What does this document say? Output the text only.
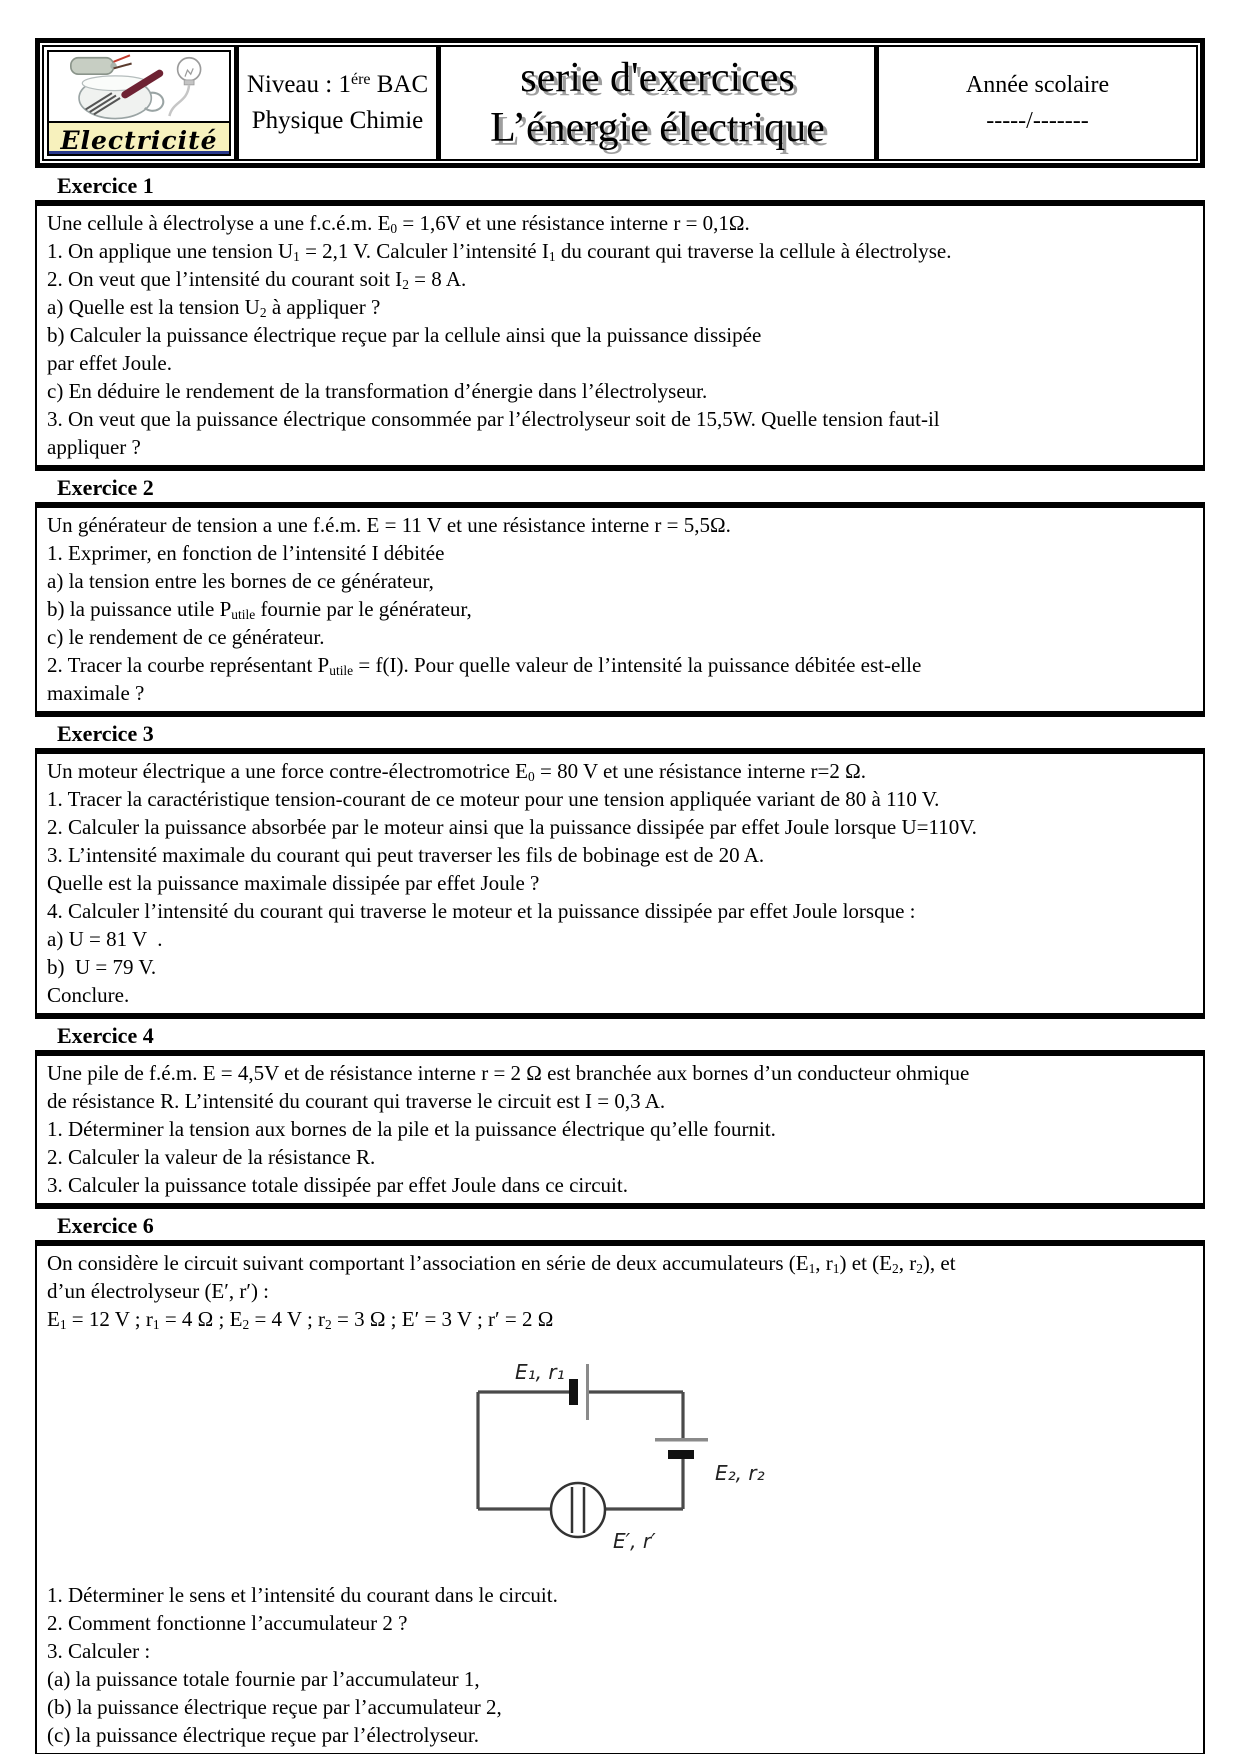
Electricité
Niveau : $1^{ére}$ BAC
Physique Chimie
serie d'exercices
L’énergie électrique
Année scolaire
-----/-------
Exercice 1
Une cellule à électrolyse a une f.c.é.m. $E_0 = 1,6V$ et une résistance interne r = 0,1Ω.
1. On applique une tension $U_1 = 2,1$ V. Calculer l’intensité $I_1$ du courant qui traverse la cellule à électrolyse.
2. On veut que l’intensité du courant soit $I_2 = 8$ A.
a) Quelle est la tension $U_2$ à appliquer ?
b) Calculer la puissance électrique reçue par la cellule ainsi que la puissance dissipée
par effet Joule.
c) En déduire le rendement de la transformation d’énergie dans l’électrolyseur.
3. On veut que la puissance électrique consommée par l’électrolyseur soit de 15,5W. Quelle tension faut-il
appliquer ?
Exercice 2
Un générateur de tension a une f.é.m. E = 11 V et une résistance interne r = 5,5Ω.
1. Exprimer, en fonction de l’intensité I débitée
a) la tension entre les bornes de ce générateur,
b) la puissance utile $P_{utile}$ fournie par le générateur,
c) le rendement de ce générateur.
2. Tracer la courbe représentant $P_{utile} = f(I)$. Pour quelle valeur de l’intensité la puissance débitée est-elle
maximale ?
Exercice 3
Un moteur électrique a une force contre-électromotrice $E_0 = 80$ V et une résistance interne r=2 Ω.
1. Tracer la caractéristique tension-courant de ce moteur pour une tension appliquée variant de 80 à 110 V.
2. Calculer la puissance absorbée par le moteur ainsi que la puissance dissipée par effet Joule lorsque U=110V.
3. L’intensité maximale du courant qui peut traverser les fils de bobinage est de 20 A.
Quelle est la puissance maximale dissipée par effet Joule ?
4. Calculer l’intensité du courant qui traverse le moteur et la puissance dissipée par effet Joule lorsque :
a) U = 81 V  .
b)  U = 79 V.
Conclure.
Exercice 4
Une pile de f.é.m. E = 4,5V et de résistance interne r = 2 Ω est branchée aux bornes d’un conducteur ohmique
de résistance R. L’intensité du courant qui traverse le circuit est I = 0,3 A.
1. Déterminer la tension aux bornes de la pile et la puissance électrique qu’elle fournit.
2. Calculer la valeur de la résistance R.
3. Calculer la puissance totale dissipée par effet Joule dans ce circuit.
Exercice 6
On considère le circuit suivant comportant l’association en série de deux accumulateurs ($E_1$, $r_1$) et ($E_2$, $r_2$), et
d’un électrolyseur (E′, r′) :
$E_1 = 12$ V ; $r_1 = 4$ Ω ; $E_2 = 4$ V ; $r_2 = 3$ Ω ; E′ = 3 V ; r′ = 2 Ω
E₁, r₁
E₂, r₂
E′, r′
1. Déterminer le sens et l’intensité du courant dans le circuit.
2. Comment fonctionne l’accumulateur 2 ?
3. Calculer :
(a) la puissance totale fournie par l’accumulateur 1,
(b) la puissance électrique reçue par l’accumulateur 2,
(c) la puissance électrique reçue par l’électrolyseur.
